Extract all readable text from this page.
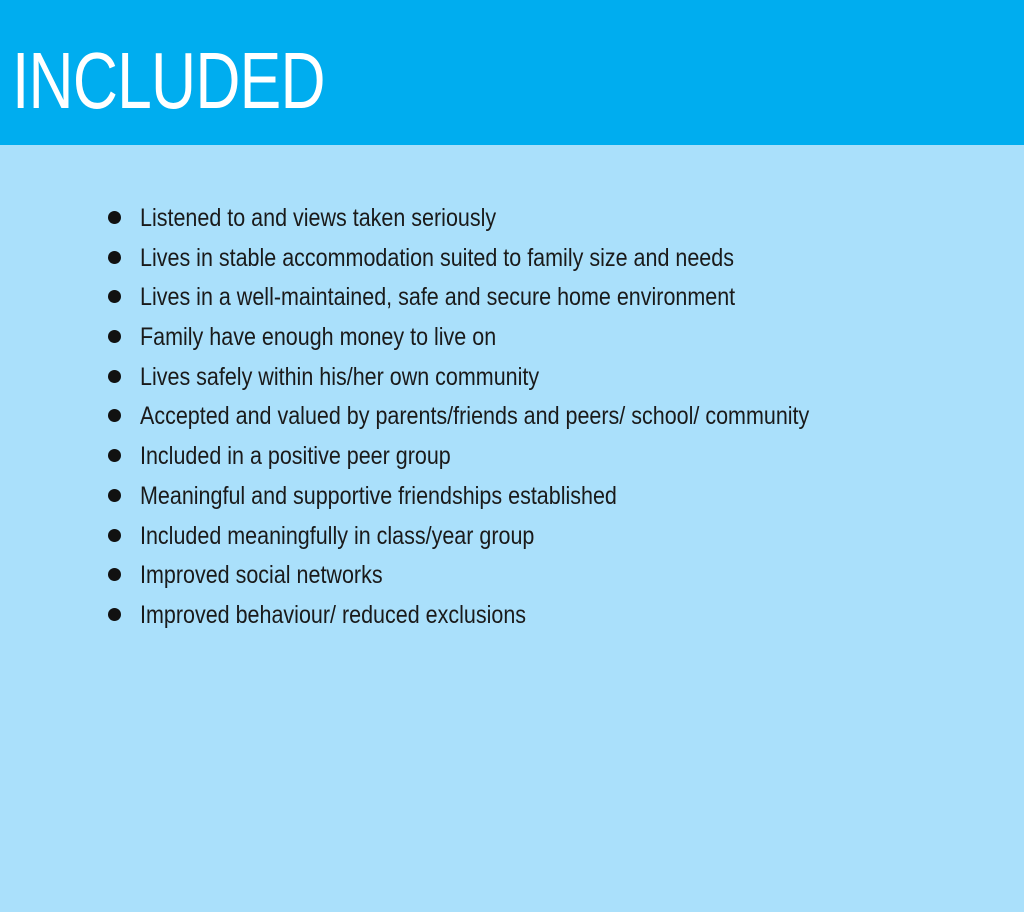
INCLUDED
Listened to and views taken seriously
Lives in stable accommodation suited to family size and needs
Lives in a well-maintained, safe and secure home environment
Family have enough money to live on
Lives safely within his/her own community
Accepted and valued by parents/friends and peers/ school/ community
Included in a positive peer group
Meaningful and supportive friendships established
Included meaningfully in class/year group
Improved social networks
Improved behaviour/ reduced exclusions
